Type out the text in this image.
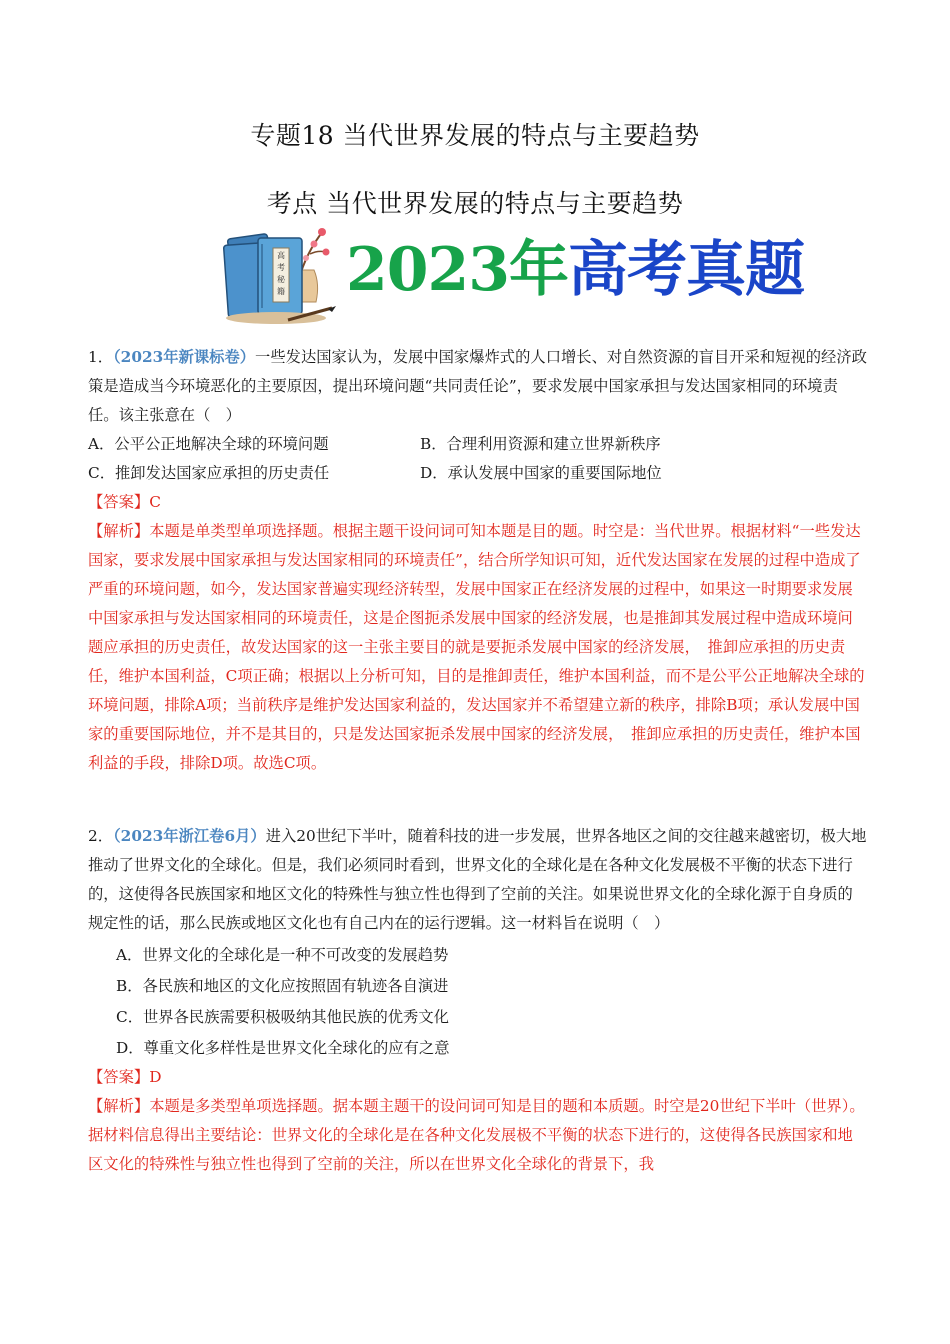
专题18 当代世界发展的特点与主要趋势
考点 当代世界发展的特点与主要趋势
高
考
秘
籍 2023年高考真题

1．（2023年新课标卷）一些发达国家认为，发展中国家爆炸式的人口增长、对自然资源的盲目开采和短视的经济政策是造成当今环境恶化的主要原因，提出环境问题“共同责任论”，要求发展中国家承担与发达国家相同的环境责任。该主张意在（　）

A．公平公正地解决全球的环境问题	B．合理利用资源和建立世界新秩序
C．推卸发达国家应承担的历史责任	D．承认发展中国家的重要国际地位

【答案】C

【解析】本题是单类型单项选择题。根据主题干设问词可知本题是目的题。时空是：当代世界。根据材料“一些发达国家，要求发展中国家承担与发达国家相同的环境责任”，结合所学知识可知，近代发达国家在发展的过程中造成了严重的环境问题，如今，发达国家普遍实现经济转型，发展中国家正在经济发展的过程中，如果这一时期要求发展中国家承担与发达国家相同的环境责任，这是企图扼杀发展中国家的经济发展，也是推卸其发展过程中造成环境问题应承担的历史责任，故发达国家的这一主张主要目的就是要扼杀发展中国家的经济发展，　推卸应承担的历史责任，维护本国利益，C项正确；根据以上分析可知，目的是推卸责任，维护本国利益，而不是公平公正地解决全球的环境问题，排除A项；当前秩序是维护发达国家利益的，发达国家并不希望建立新的秩序，排除B项；承认发展中国家的重要国际地位，并不是其目的，只是发达国家扼杀发展中国家的经济发展，　推卸应承担的历史责任，维护本国利益的手段，排除D项。故选C项。

2．（2023年浙江卷6月）进入20世纪下半叶，随着科技的进一步发展，世界各地区之间的交往越来越密切，极大地推动了世界文化的全球化。但是，我们必须同时看到，世界文化的全球化是在各种文化发展极不平衡的状态下进行的，这使得各民族国家和地区文化的特殊性与独立性也得到了空前的关注。如果说世界文化的全球化源于自身质的规定性的话，那么民族或地区文化也有自己内在的运行逻辑。这一材料旨在说明（　）

A．世界文化的全球化是一种不可改变的发展趋势

B．各民族和地区的文化应按照固有轨迹各自演进

C．世界各民族需要积极吸纳其他民族的优秀文化

D．尊重文化多样性是世界文化全球化的应有之意

【答案】D

【解析】本题是多类型单项选择题。据本题主题干的设问词可知是目的题和本质题。时空是20世纪下半叶（世界）。据材料信息得出主要结论：世界文化的全球化是在各种文化发展极不平衡的状态下进行的，这使得各民族国家和地区文化的特殊性与独立性也得到了空前的关注，所以在世界文化全球化的背景下，我
